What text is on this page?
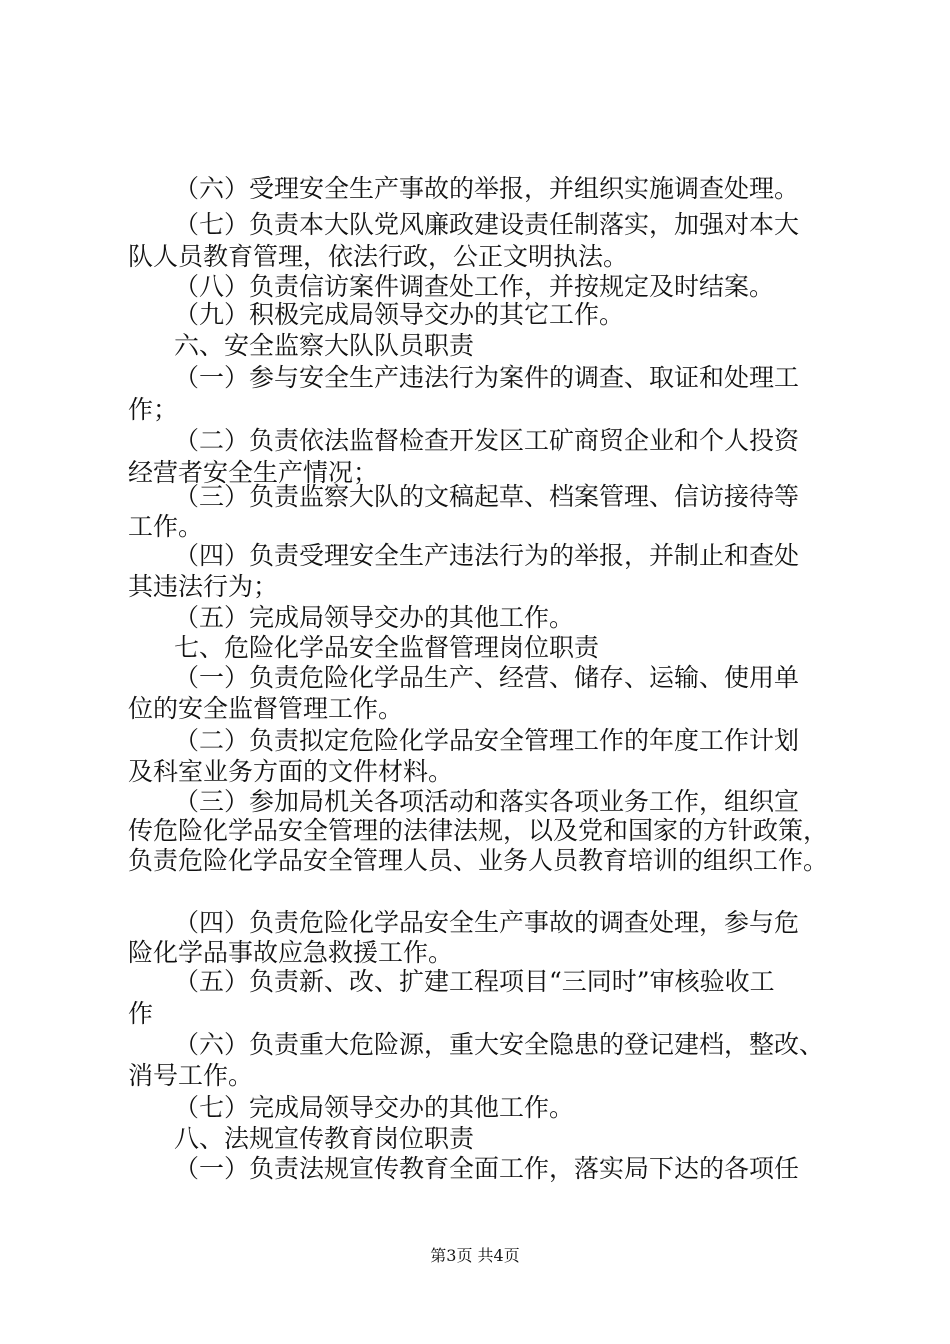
（六）受理安全生产事故的举报，并组织实施调查处理。
（七）负责本大队党风廉政建设责任制落实，加强对本大
队人员教育管理，依法行政，公正文明执法。
（八）负责信访案件调查处工作，并按规定及时结案。
（九）积极完成局领导交办的其它工作。
六、安全监察大队队员职责
（一）参与安全生产违法行为案件的调查、取证和处理工
作；
（二）负责依法监督检查开发区工矿商贸企业和个人投资
经营者安全生产情况；
（三）负责监察大队的文稿起草、档案管理、信访接待等
工作。
（四）负责受理安全生产违法行为的举报，并制止和查处
其违法行为；
（五）完成局领导交办的其他工作。
七、危险化学品安全监督管理岗位职责
（一）负责危险化学品生产、经营、储存、运输、使用单
位的安全监督管理工作。
（二）负责拟定危险化学品安全管理工作的年度工作计划
及科室业务方面的文件材料。
（三）参加局机关各项活动和落实各项业务工作，组织宣
传危险化学品安全管理的法律法规，以及党和国家的方针政策，
负责危险化学品安全管理人员、业务人员教育培训的组织工作。
（四）负责危险化学品安全生产事故的调查处理，参与危
险化学品事故应急救援工作。
（五）负责新、改、扩建工程项目“三同时”审核验收工
作
（六）负责重大危险源，重大安全隐患的登记建档，整改、
消号工作。
（七）完成局领导交办的其他工作。
八、法规宣传教育岗位职责
（一）负责法规宣传教育全面工作，落实局下达的各项任
第3页 共4页
